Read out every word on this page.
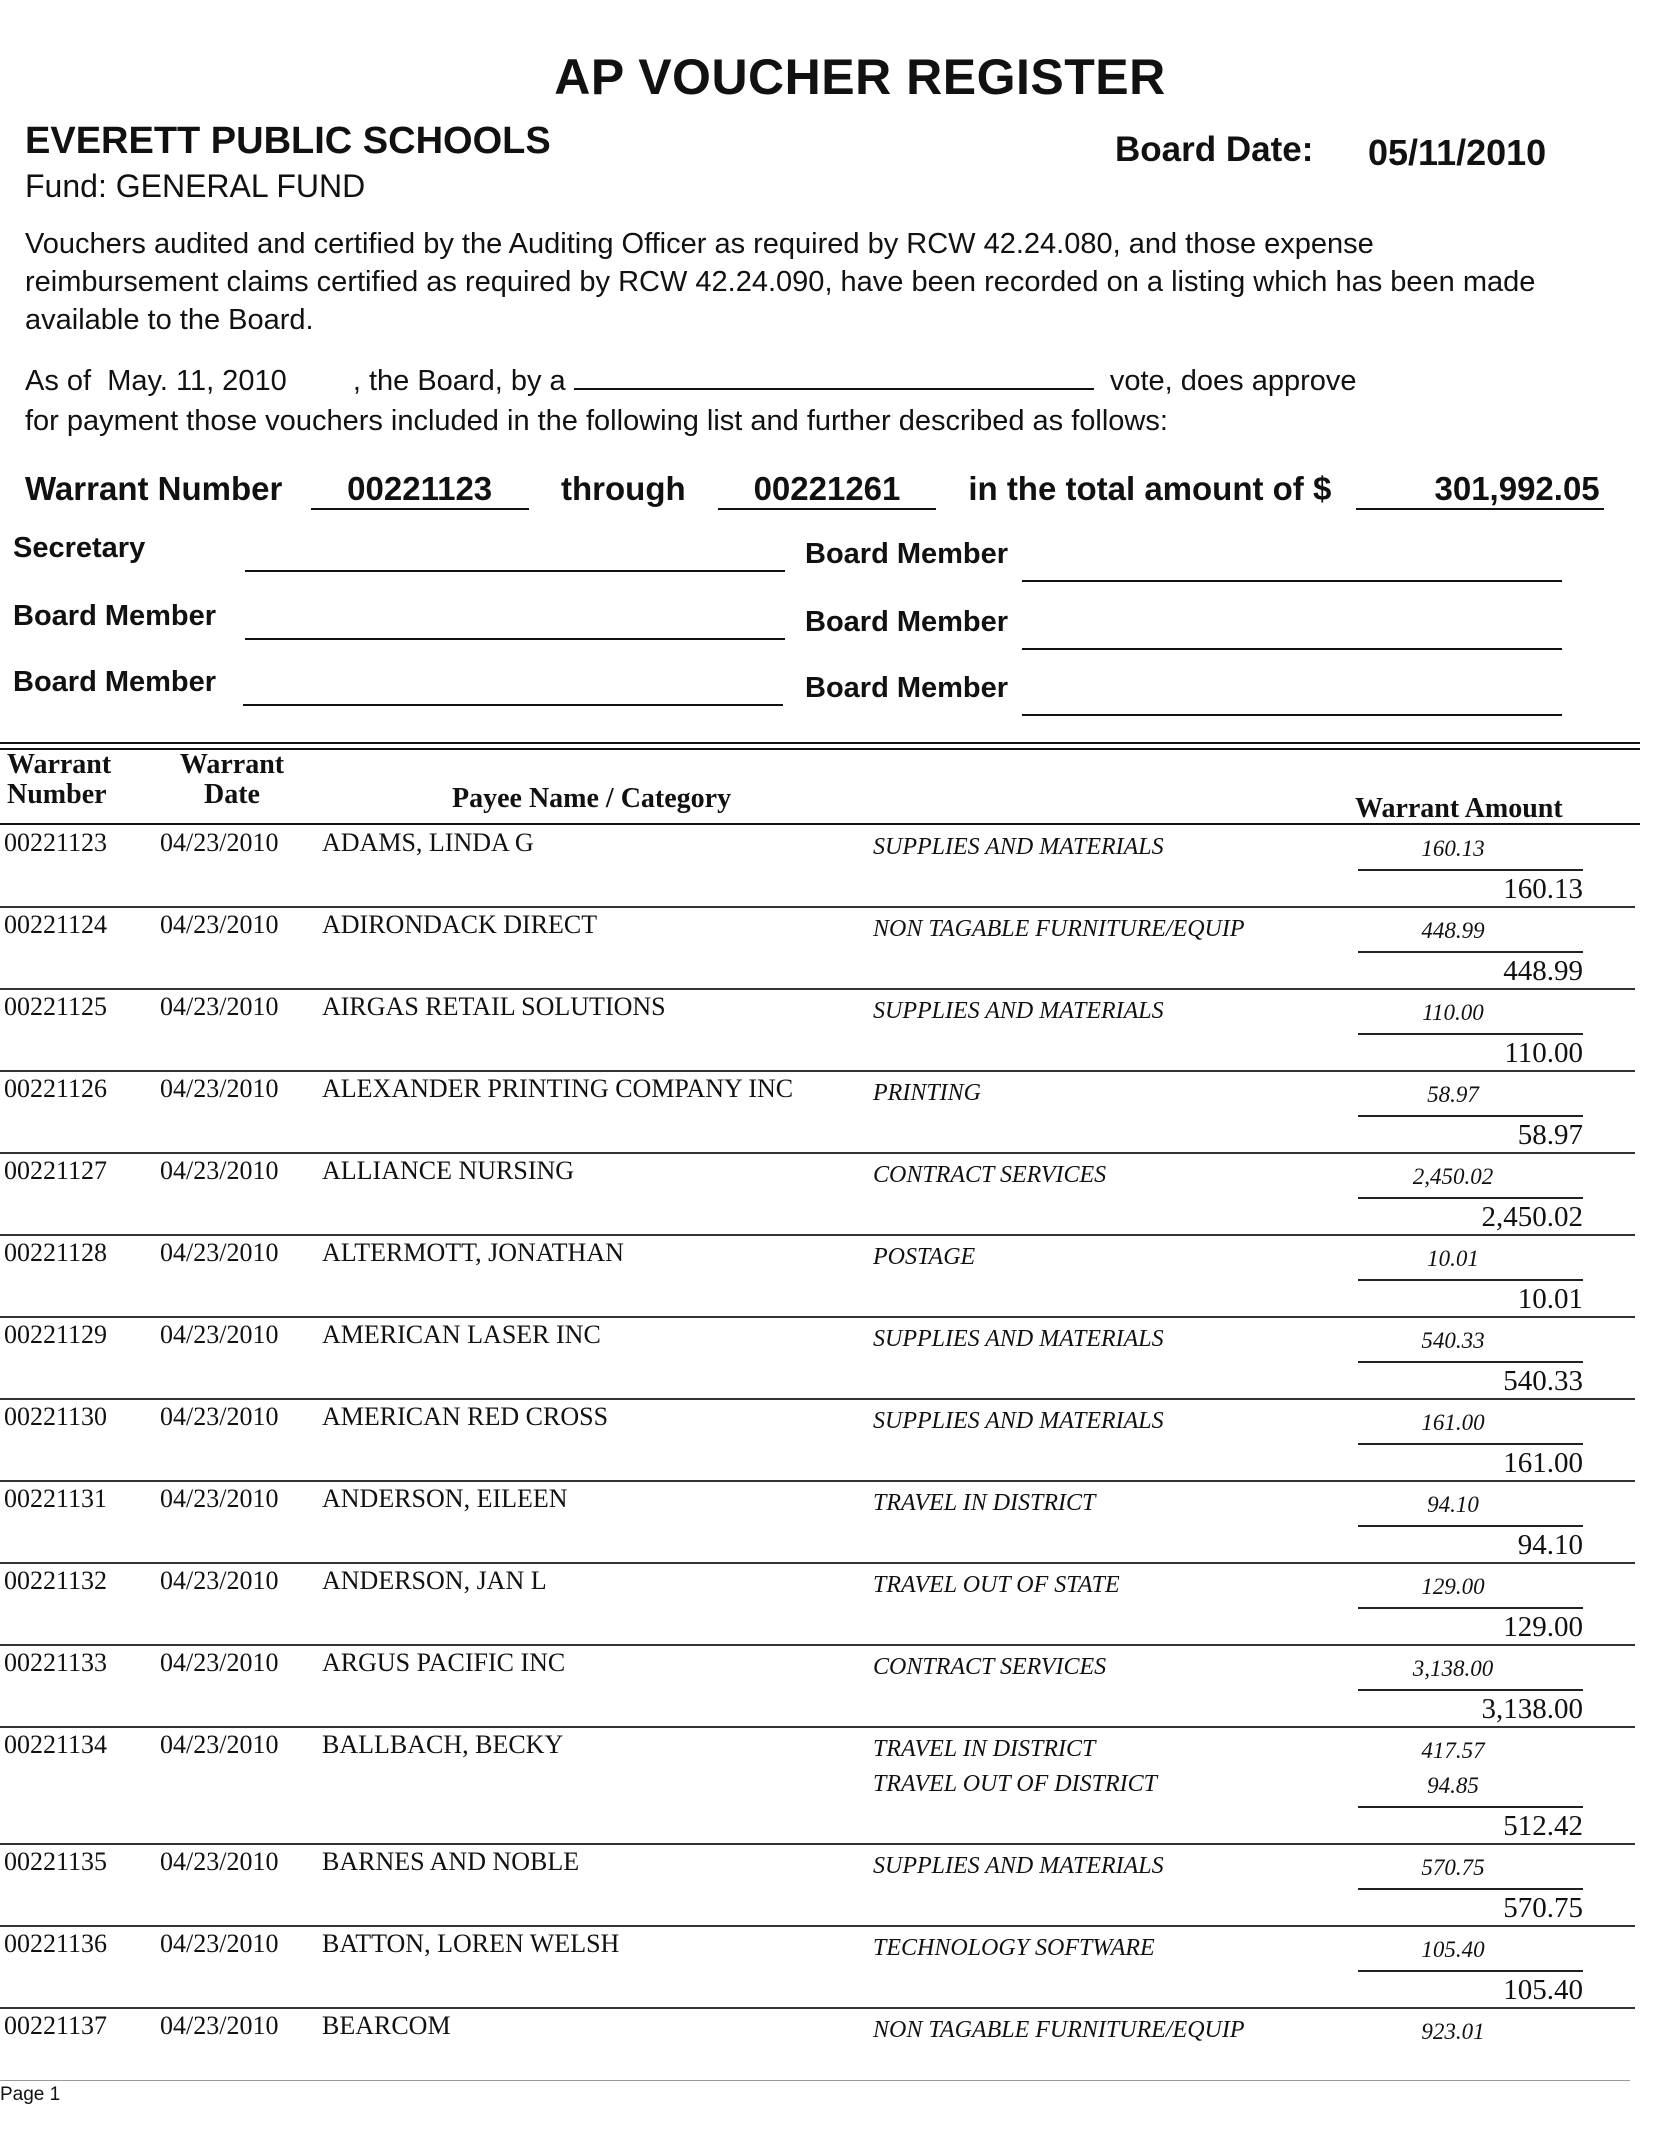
AP VOUCHER REGISTER
EVERETT PUBLIC SCHOOLS
Fund: GENERAL FUND
Board Date: 05/11/2010
Vouchers audited and certified by the Auditing Officer as required by RCW 42.24.080, and those expense reimbursement claims certified as required by RCW 42.24.090, have been recorded on a listing which has been made available to the Board.
As of May. 11, 2010 , the Board, by a	vote, does approve
for payment those vouchers included in the following list and further described as follows:
Warrant Number 00221123 through 00221261 in the total amount of $	301,992.05
Secretary
Board Member
Board Member
Board Member
Board Member
Board Member
Warrant Number
Warrant Date	Payee Name / Category	Warrant Amount
00221123 04/23/2010 ADAMS, LINDA G	SUPPLIES AND MATERIALS	160.13
160.13
00221124 04/23/2010 ADIRONDACK DIRECT	NON TAGABLE FURNITURE/EQUIP	448.99
448.99
00221125 04/23/2010 AIRGAS RETAIL SOLUTIONS	SUPPLIES AND MATERIALS	110.00
110.00
00221126 04/23/2010 ALEXANDER PRINTING COMPANY INC	PRINTING	58.97
58.97
00221127 04/23/2010 ALLIANCE NURSING	CONTRACT SERVICES	2,450.02
2,450.02
00221128 04/23/2010 ALTERMOTT, JONATHAN	POSTAGE	10.01
10.01
00221129 04/23/2010 AMERICAN LASER INC	SUPPLIES AND MATERIALS	540.33
540.33
00221130 04/23/2010 AMERICAN RED CROSS	SUPPLIES AND MATERIALS	161.00
161.00
00221131 04/23/2010 ANDERSON, EILEEN	TRAVEL IN DISTRICT	94.10
94.10
00221132 04/23/2010 ANDERSON, JAN L	TRAVEL OUT OF STATE	129.00
129.00
00221133 04/23/2010 ARGUS PACIFIC INC	CONTRACT SERVICES	3,138.00
3,138.00
00221134 04/23/2010 BALLBACH, BECKY	TRAVEL IN DISTRICT	417.57
TRAVEL OUT OF DISTRICT	94.85
512.42
00221135 04/23/2010 BARNES AND NOBLE	SUPPLIES AND MATERIALS	570.75
570.75
00221136 04/23/2010 BATTON, LOREN WELSH	TECHNOLOGY SOFTWARE	105.40
105.40
00221137 04/23/2010 BEARCOM	NON TAGABLE FURNITURE/EQUIP	923.01
Page 1
